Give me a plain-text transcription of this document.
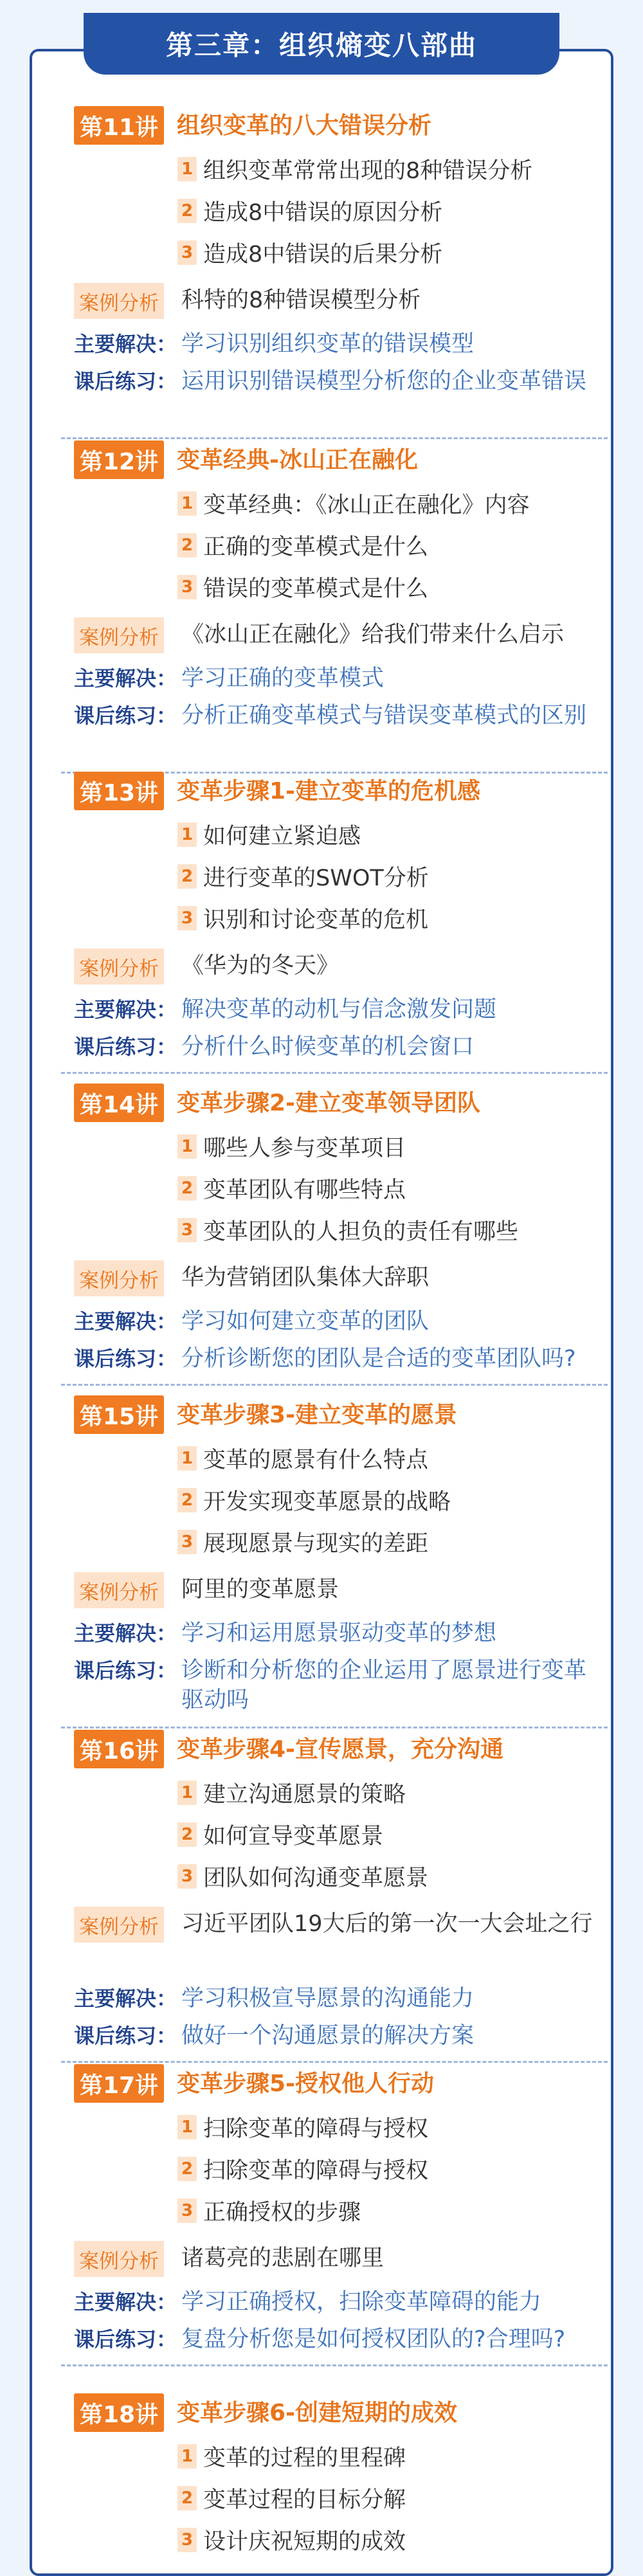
第三章：组织熵变八部曲
第11讲 组织变革的八大错误分析
1 组织变革常常出现的8种错误分析
2 造成8中错误的原因分析
3 造成8中错误的后果分析
案例分析 科特的8种错误模型分析
主要解决： 学习识别组织变革的错误模型
课后练习： 运用识别错误模型分析您的企业变革错误
第12讲 变革经典-冰山正在融化
1 变革经典：《冰山正在融化》内容
2 正确的变革模式是什么
3 错误的变革模式是什么
案例分析 《冰山正在融化》给我们带来什么启示
主要解决： 学习正确的变革模式
课后练习： 分析正确变革模式与错误变革模式的区别
第13讲 变革步骤1-建立变革的危机感
1 如何建立紧迫感
2 进行变革的SWOT分析
3 识别和讨论变革的危机
案例分析 《华为的冬天》
主要解决： 解决变革的动机与信念激发问题
课后练习： 分析什么时候变革的机会窗口
第14讲 变革步骤2-建立变革领导团队
1 哪些人参与变革项目
2 变革团队有哪些特点
3 变革团队的人担负的责任有哪些
案例分析 华为营销团队集体大辞职
主要解决： 学习如何建立变革的团队
课后练习： 分析诊断您的团队是合适的变革团队吗?
第15讲 变革步骤3-建立变革的愿景
1 变革的愿景有什么特点
2 开发实现变革愿景的战略
3 展现愿景与现实的差距
案例分析 阿里的变革愿景
主要解决： 学习和运用愿景驱动变革的梦想
课后练习： 诊断和分析您的企业运用了愿景进行变革驱动吗
第16讲 变革步骤4-宣传愿景，充分沟通
1 建立沟通愿景的策略
2 如何宣导变革愿景
3 团队如何沟通变革愿景
案例分析 习近平团队19大后的第一次一大会址之行
主要解决： 学习积极宣导愿景的沟通能力
课后练习： 做好一个沟通愿景的解决方案
第17讲 变革步骤5-授权他人行动
1 扫除变革的障碍与授权
2 扫除变革的障碍与授权
3 正确授权的步骤
案例分析 诸葛亮的悲剧在哪里
主要解决： 学习正确授权，扫除变革障碍的能力
课后练习： 复盘分析您是如何授权团队的?合理吗?
第18讲 变革步骤6-创建短期的成效
1 变革的过程的里程碑
2 变革过程的目标分解
3 设计庆祝短期的成效
